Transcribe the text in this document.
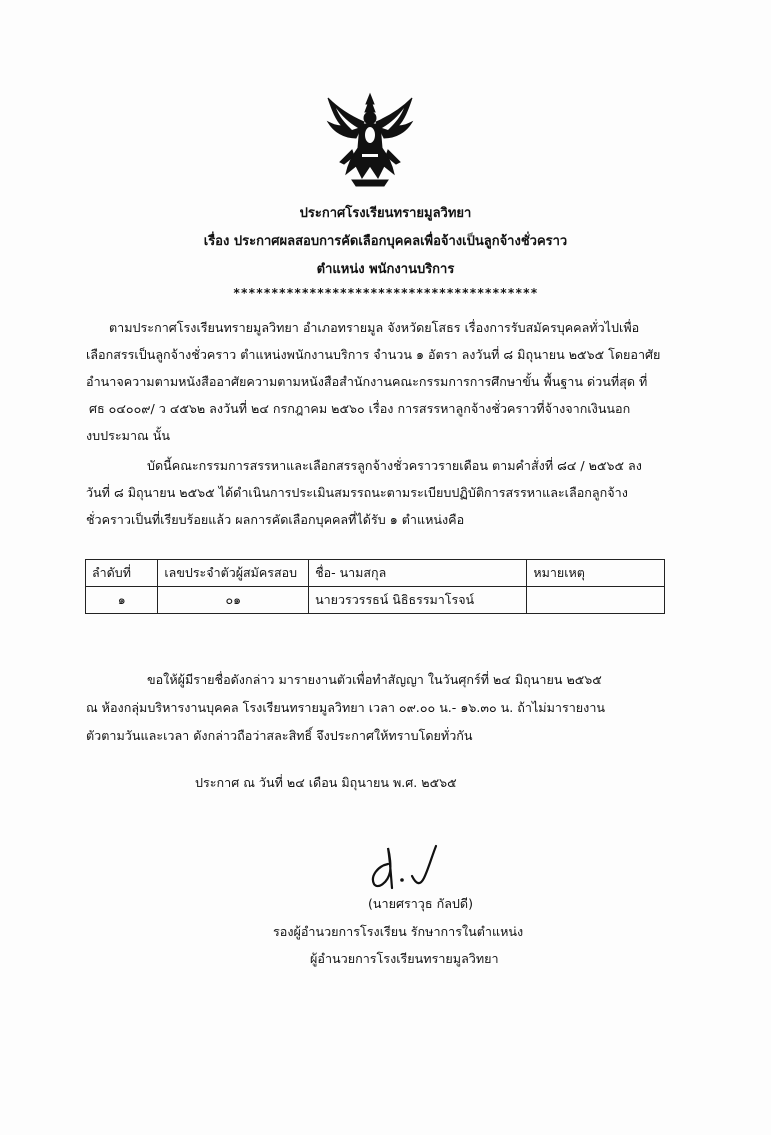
ประกาศโรงเรียนทรายมูลวิทยา
เรื่อง ประกาศผลสอบการคัดเลือกบุคคลเพื่อจ้างเป็นลูกจ้างชั่วคราว
ตำแหน่ง พนักงานบริการ
****************************************
ตามประกาศโรงเรียนทรายมูลวิทยา อำเภอทรายมูล จังหวัดยโสธร เรื่องการรับสมัครบุคคลทั่วไปเพื่อ
เลือกสรรเป็นลูกจ้างชั่วคราว ตำแหน่งพนักงานบริการ จำนวน ๑ อัตรา ลงวันที่ ๘ มิถุนายน ๒๕๖๕ โดยอาศัย
อำนาจความตามหนังสืออาศัยความตามหนังสือสำนักงานคณะกรรมการการศึกษาขั้น พื้นฐาน ด่วนที่สุด ที่
ศธ ๐๔๐๐๙/ ว ๔๕๖๒ ลงวันที่ ๒๔ กรกฎาคม ๒๕๖๐ เรื่อง การสรรหาลูกจ้างชั่วคราวที่จ้างจากเงินนอก
งบประมาณ นั้น
บัดนี้คณะกรรมการสรรหาและเลือกสรรลูกจ้างชั่วคราวรายเดือน ตามคำสั่งที่ ๘๔ / ๒๕๖๕ ลง
วันที่ ๘ มิถุนายน ๒๕๖๕ ได้ดำเนินการประเมินสมรรถนะตามระเบียบปฏิบัติการสรรหาและเลือกลูกจ้าง
ชั่วคราวเป็นที่เรียบร้อยแล้ว ผลการคัดเลือกบุคคลที่ได้รับ ๑ ตำแหน่งคือ
ลำดับที่	เลขประจำตัวผู้สมัครสอบ	ชื่อ- นามสกุล	หมายเหตุ
๑	๐๑	นายวรวรรธน์ นิธิธรรมาโรจน์	
ขอให้ผู้มีรายชื่อดังกล่าว มารายงานตัวเพื่อทำสัญญา ในวันศุกร์ที่ ๒๔ มิถุนายน ๒๕๖๕
ณ ห้องกลุ่มบริหารงานบุคคล โรงเรียนทรายมูลวิทยา เวลา ๐๙.๐๐ น.- ๑๖.๓๐ น. ถ้าไม่มารายงาน
ตัวตามวันและเวลา ดังกล่าวถือว่าสละสิทธิ์ จึงประกาศให้ทราบโดยทั่วกัน
ประกาศ ณ วันที่ ๒๔ เดือน มิถุนายน พ.ศ. ๒๕๖๕
(นายศราวุธ กัลปดี)
รองผู้อำนวยการโรงเรียน รักษาการในตำแหน่ง
ผู้อำนวยการโรงเรียนทรายมูลวิทยา
